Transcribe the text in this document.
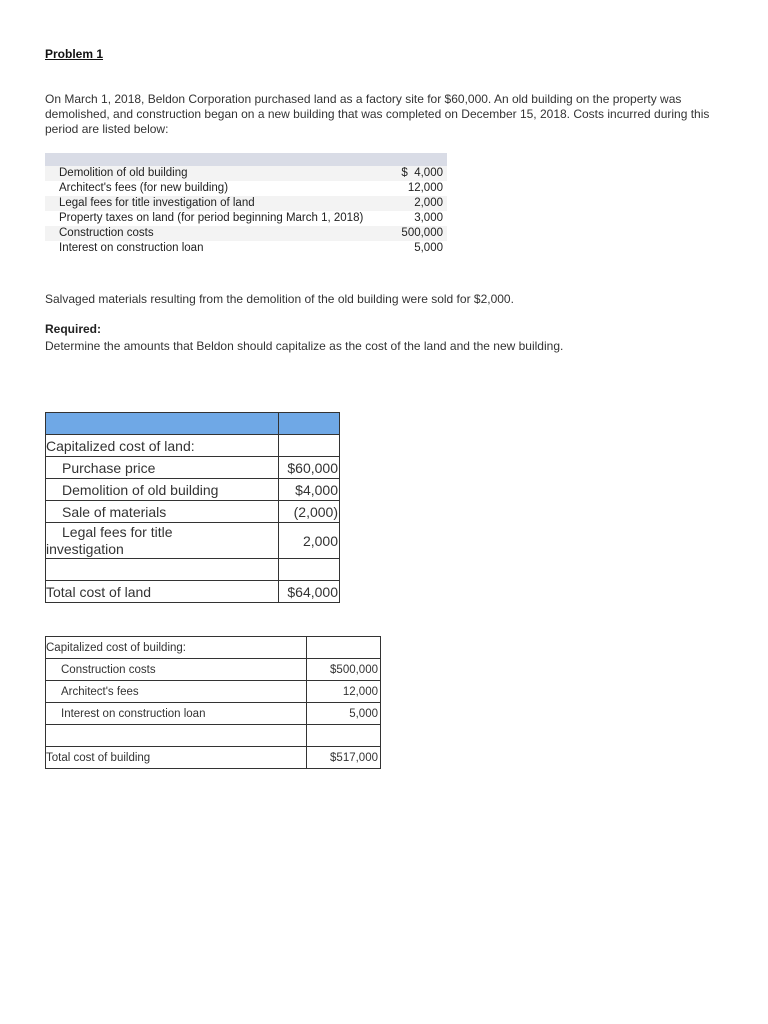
Problem 1
On March 1, 2018, Beldon Corporation purchased land as a factory site for $60,000. An old building on the property was demolished, and construction began on a new building that was completed on December 15, 2018. Costs incurred during this period are listed below:
Demolition of old building	$ 4,000
Architect's fees (for new building)	12,000
Legal fees for title investigation of land	2,000
Property taxes on land (for period beginning March 1, 2018)	3,000
Construction costs	500,000
Interest on construction loan	5,000
Salvaged materials resulting from the demolition of the old building were sold for $2,000.
Required:
Determine the amounts that Beldon should capitalize as the cost of the land and the new building.

Capitalized cost of land:	
Purchase price	$60,000
Demolition of old building	$4,000
Sale of materials	(2,000)
Legal fees for title
investigation	2,000

Total cost of land	$64,000
Capitalized cost of building:	
Construction costs	$500,000
Architect's fees	12,000
Interest on construction loan	5,000

Total cost of building	$517,000
